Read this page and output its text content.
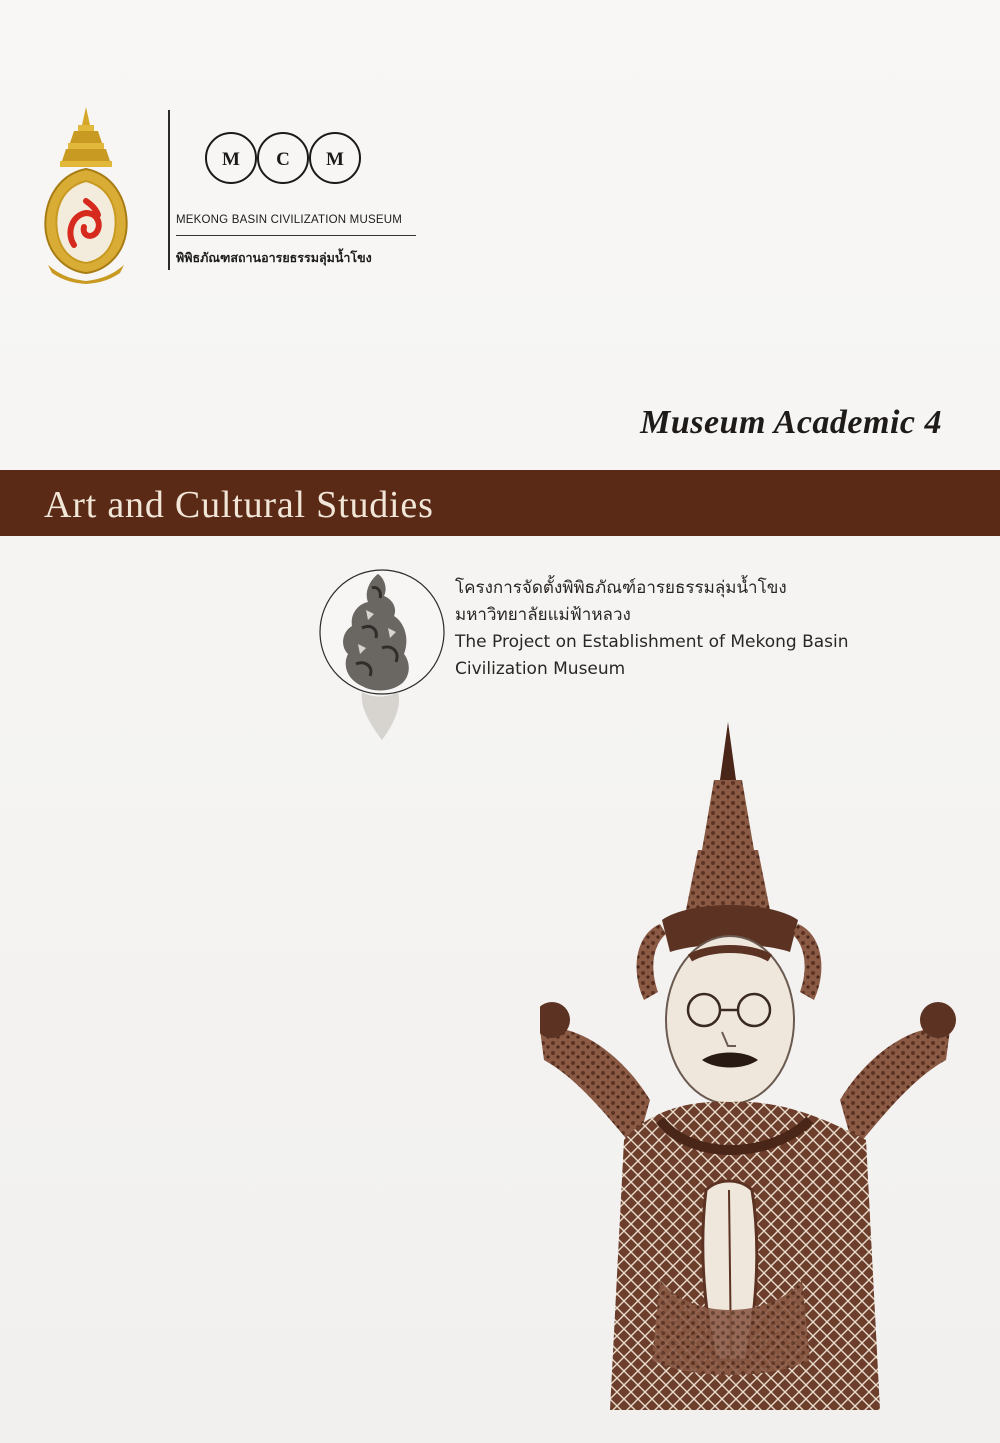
M C M
MEKONG BASIN CIVILIZATION MUSEUM
พิพิธภัณฑสถานอารยธรรมลุ่มน้ำโขง
Museum Academic 4
Art and Cultural Studies
โครงการจัดตั้งพิพิธภัณฑ์อารยธรรมลุ่มน้ำโขง
มหาวิทยาลัยแม่ฟ้าหลวง
The Project on Establishment of Mekong Basin
Civilization Museum
